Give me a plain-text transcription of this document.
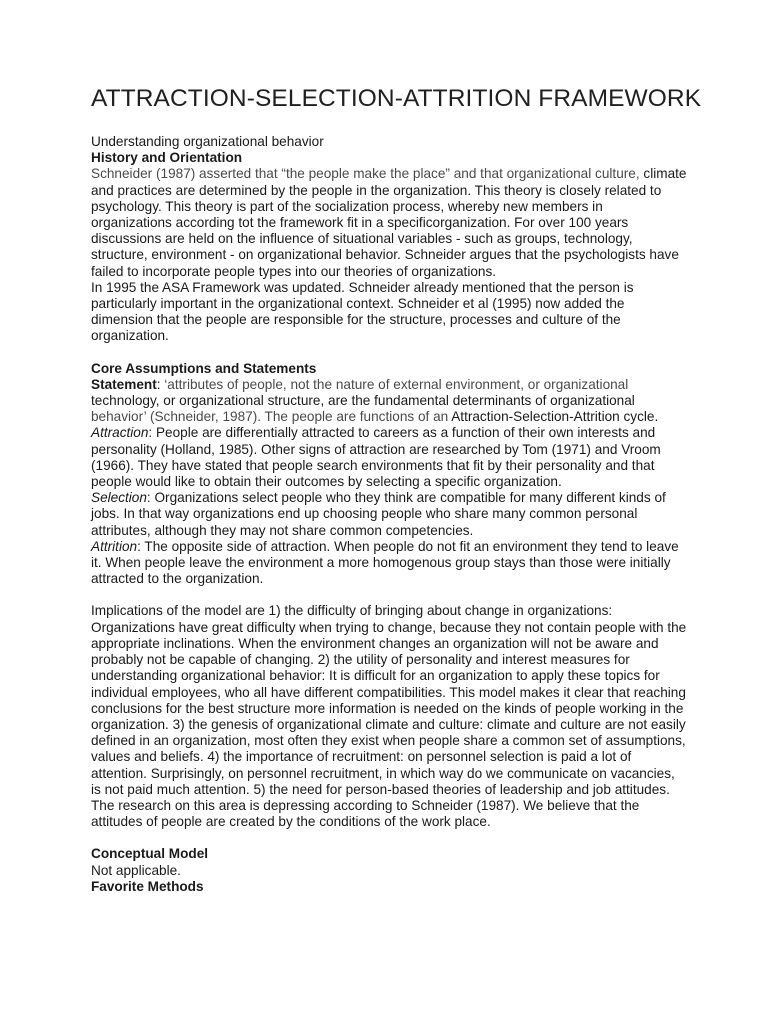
ATTRACTION-SELECTION-ATTRITION FRAMEWORK

Understanding organizational behavior

History and Orientation

Schneider (1987) asserted that “the people make the place” and that organizational culture, climate and practices are determined by the people in the organization. This theory is closely related to psychology. This theory is part of the socialization process, whereby new members in organizations according tot the framework fit in a specificorganization. For over 100 years discussions are held on the influence of situational variables - such as groups, technology, structure, environment - on organizational behavior. Schneider argues that the psychologists have failed to incorporate people types into our theories of organizations.

In 1995 the ASA Framework was updated. Schneider already mentioned that the person is particularly important in the organizational context. Schneider et al (1995) now added the dimension that the people are responsible for the structure, processes and culture of the organization.

Core Assumptions and Statements

Statement: ‘attributes of people, not the nature of external environment, or organizational technology, or organizational structure, are the fundamental determinants of organizational behavior’ (Schneider, 1987). The people are functions of an Attraction-Selection-Attrition cycle.

Attraction: People are differentially attracted to careers as a function of their own interests and personality (Holland, 1985). Other signs of attraction are researched by Tom (1971) and Vroom (1966). They have stated that people search environments that fit by their personality and that people would like to obtain their outcomes by selecting a specific organization.

Selection: Organizations select people who they think are compatible for many different kinds of jobs. In that way organizations end up choosing people who share many common personal attributes, although they may not share common competencies.

Attrition: The opposite side of attraction. When people do not fit an environment they tend to leave it. When people leave the environment a more homogenous group stays than those were initially attracted to the organization.

Implications of the model are 1) the difficulty of bringing about change in organizations: Organizations have great difficulty when trying to change, because they not contain people with the appropriate inclinations. When the environment changes an organization will not be aware and probably not be capable of changing. 2) the utility of personality and interest measures for understanding organizational behavior: It is difficult for an organization to apply these topics for individual employees, who all have different compatibilities. This model makes it clear that reaching conclusions for the best structure more information is needed on the kinds of people working in the organization. 3) the genesis of organizational climate and culture: climate and culture are not easily defined in an organization, most often they exist when people share a common set of assumptions, values and beliefs. 4) the importance of recruitment: on personnel selection is paid a lot of attention. Surprisingly, on personnel recruitment, in which way do we communicate on vacancies, is not paid much attention. 5) the need for person-based theories of leadership and job attitudes. The research on this area is depressing according to Schneider (1987). We believe that the attitudes of people are created by the conditions of the work place.

Conceptual Model

Not applicable.

Favorite Methods
